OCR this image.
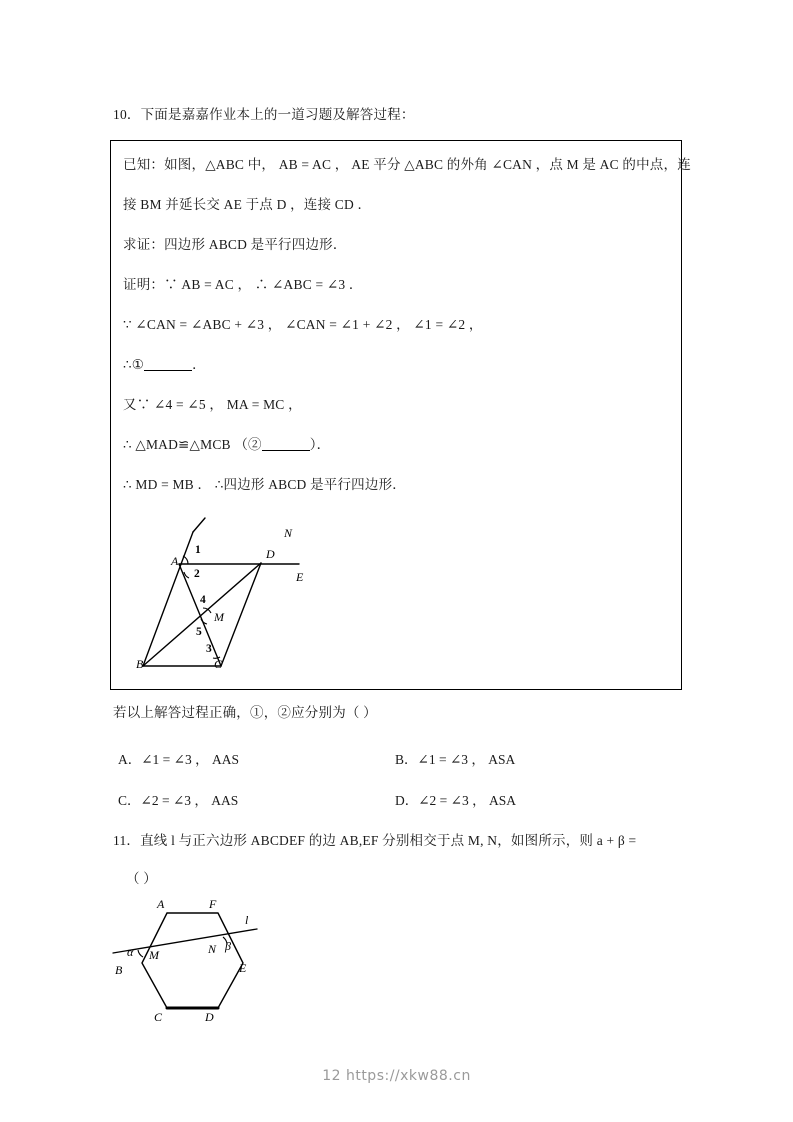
10．下面是嘉嘉作业本上的一道习题及解答过程：
已知：如图，△ABC 中， AB = AC ， AE 平分 △ABC 的外角 ∠CAN ，点 M 是 AC 的中点，连
接 BM 并延长交 AE 于点 D ，连接 CD ．
求证：四边形 ABCD 是平行四边形．
证明：∵ AB = AC ， ∴ ∠ABC = ∠3 ．
∵ ∠CAN = ∠ABC + ∠3 ， ∠CAN = ∠1 + ∠2 ， ∠1 = ∠2 ，
∴①	．
又∵ ∠4 = ∠5 ， MA = MC ，
∴ △MAD≌△MCB （②	）．
∴ MD = MB ． ∴四边形 ABCD 是平行四边形．
N
A	D
E
M
B	C
1
2
4
5
3
若以上解答过程正确，①，②应分别为（ ）
A．∠1 = ∠3 ， AAS	B．∠1 = ∠3 ， ASA
C．∠2 = ∠3 ， AAS	D．∠2 = ∠3 ， ASA
11．直线 l 与正六边形 ABCDEF 的边 AB,EF 分别相交于点 M, N，如图所示，则 a + β =
（ ）
A	F
l
M	N
B	E
C	D
α	β
12 https://xkw88.cn
